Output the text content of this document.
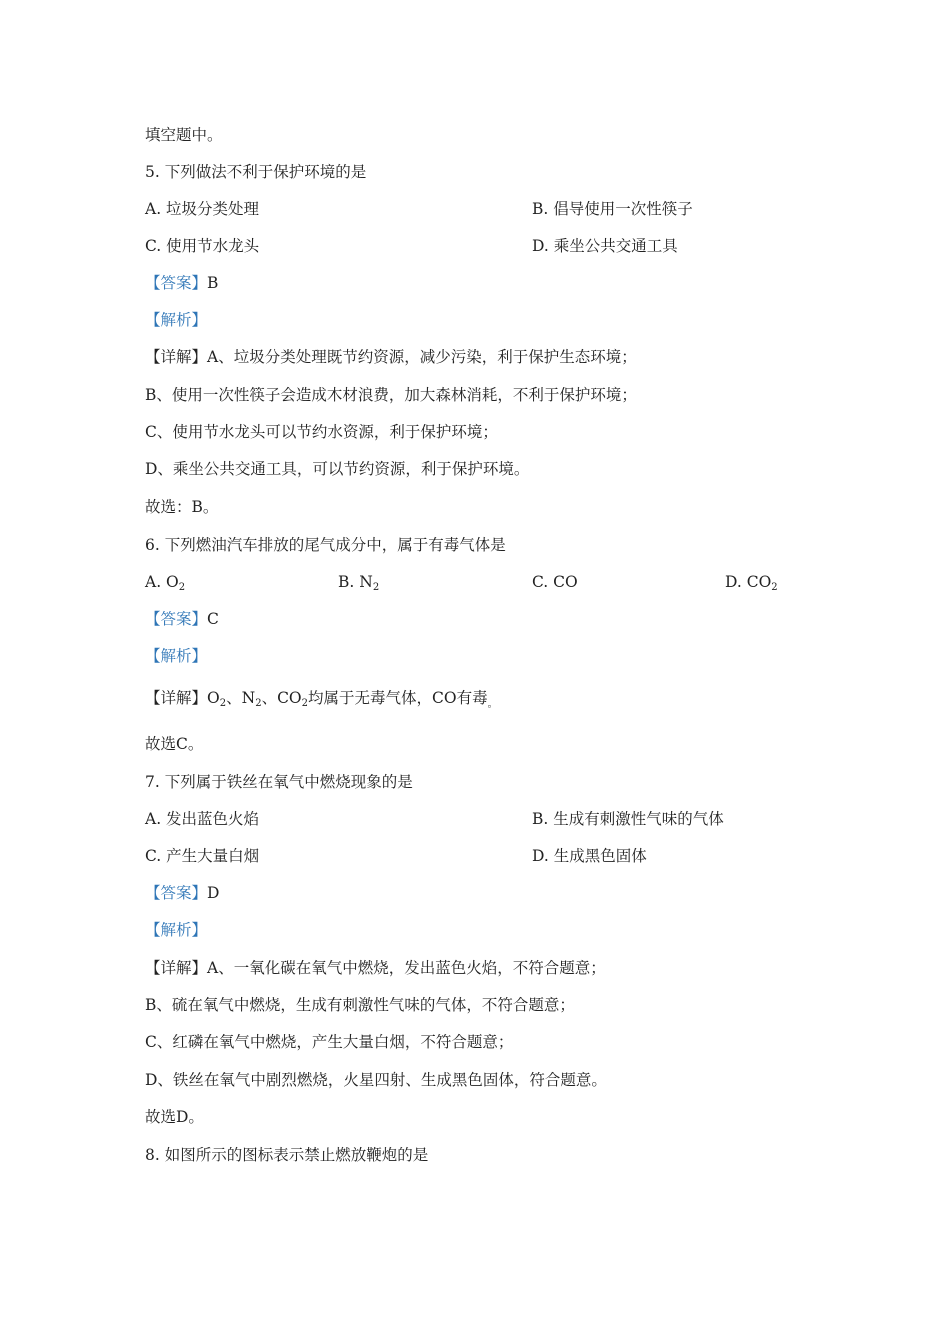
填空题中。
5. 下列做法不利于保护环境的是
A. 垃圾分类处理	B. 倡导使用一次性筷子
C. 使用节水龙头	D. 乘坐公共交通工具
【答案】B
【解析】
【详解】A、垃圾分类处理既节约资源，减少污染，利于保护生态环境；
B、使用一次性筷子会造成木材浪费，加大森林消耗，不利于保护环境；
C、使用节水龙头可以节约水资源，利于保护环境；
D、乘坐公共交通工具，可以节约资源，利于保护环境。
故选：B。
6. 下列燃油汽车排放的尾气成分中，属于有毒气体是
A. $O_2$	B. $N_2$	C. CO	D. $CO_2$
【答案】C
【解析】
【详解】$O_2$、$N_2$、$CO_2$均属于无毒气体，CO有毒$_。$
故选C。
7. 下列属于铁丝在氧气中燃烧现象的是
A. 发出蓝色火焰	B. 生成有刺激性气味的气体
C. 产生大量白烟	D. 生成黑色固体
【答案】D
【解析】
【详解】A、一氧化碳在氧气中燃烧，发出蓝色火焰，不符合题意；
B、硫在氧气中燃烧，生成有刺激性气味的气体，不符合题意；
C、红磷在氧气中燃烧，产生大量白烟，不符合题意；
D、铁丝在氧气中剧烈燃烧，火星四射、生成黑色固体，符合题意。
故选D。
8. 如图所示的图标表示禁止燃放鞭炮的是
